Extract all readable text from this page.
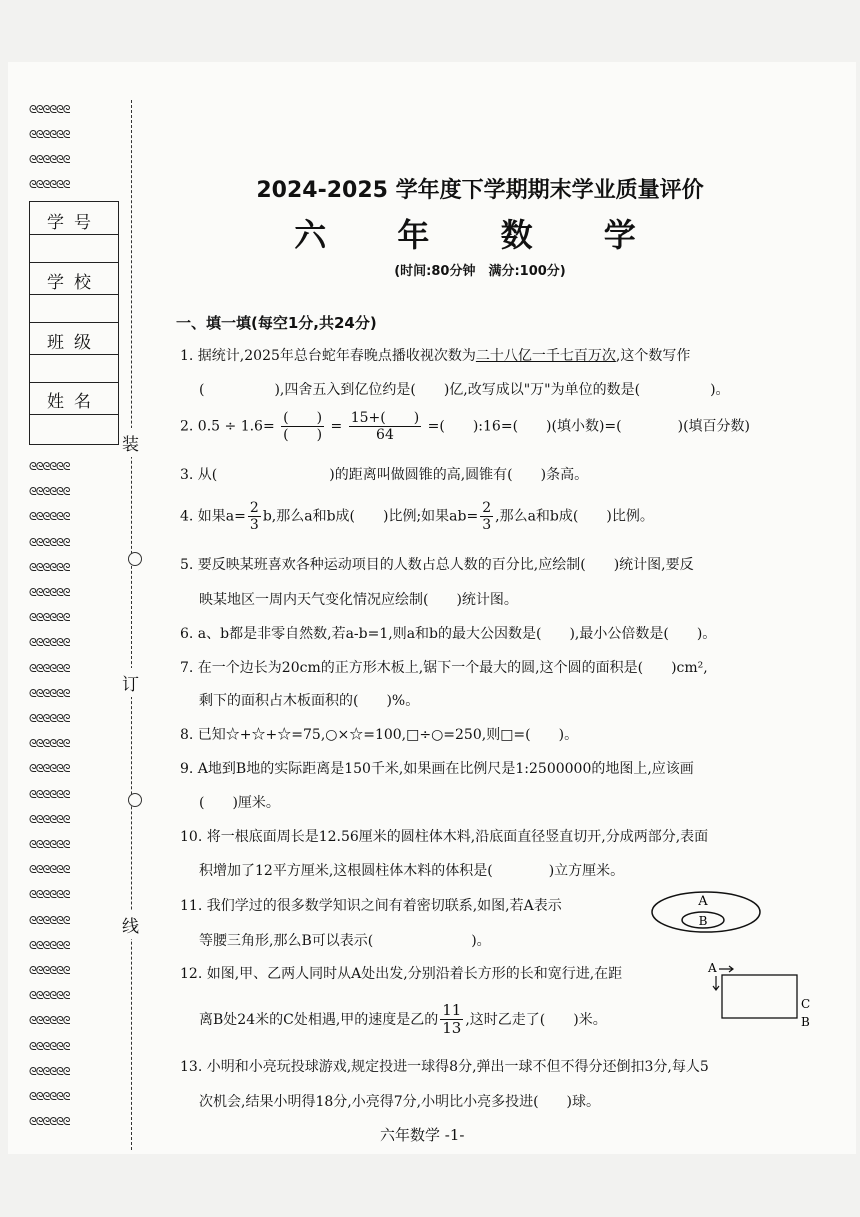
ᘓᘓᘓᘓᘓᘓ
ᘓᘓᘓᘓᘓᘓ
ᘓᘓᘓᘓᘓᘓ
ᘓᘓᘓᘓᘓᘓ
ᘓᘓᘓᘓᘓᘓ
ᘓᘓᘓᘓᘓᘓ
ᘓᘓᘓᘓᘓᘓ
ᘓᘓᘓᘓᘓᘓ
ᘓᘓᘓᘓᘓᘓ
ᘓᘓᘓᘓᘓᘓ
ᘓᘓᘓᘓᘓᘓ
ᘓᘓᘓᘓᘓᘓ
ᘓᘓᘓᘓᘓᘓ
ᘓᘓᘓᘓᘓᘓ
ᘓᘓᘓᘓᘓᘓ
ᘓᘓᘓᘓᘓᘓ
ᘓᘓᘓᘓᘓᘓ
ᘓᘓᘓᘓᘓᘓ
ᘓᘓᘓᘓᘓᘓ
ᘓᘓᘓᘓᘓᘓ
ᘓᘓᘓᘓᘓᘓ
ᘓᘓᘓᘓᘓᘓ
ᘓᘓᘓᘓᘓᘓ
ᘓᘓᘓᘓᘓᘓ
ᘓᘓᘓᘓᘓᘓ
ᘓᘓᘓᘓᘓᘓ
ᘓᘓᘓᘓᘓᘓ
ᘓᘓᘓᘓᘓᘓ
ᘓᘓᘓᘓᘓᘓ
ᘓᘓᘓᘓᘓᘓ
ᘓᘓᘓᘓᘓᘓ
装
订
线
学号
学校
班级
姓名
2024-2025 学年度下学期期末学业质量评价
六 年 数 学
(时间:80分钟　满分:100分)
一、填一填(每空1分,共24分)
1. 据统计,2025年总台蛇年春晚点播收视次数为二十八亿一千七百万次,这个数写作
(　　　　　),四舍五入到亿位约是(　　)亿,改写成以"万"为单位的数是(　　　　　)。
2. $0.5 \div 1.6= \frac{( )}{( )} = \frac{15+( )}{64}$ =(　　):16=(　　)(填小数)=(　　　　)(填百分数)
3. 从(　　　　　　　　)的距离叫做圆锥的高,圆锥有(　　)条高。
4. 如果$a= \frac{2}{3} b$,那么a和b成(　　)比例;如果$ab= \frac{2}{3}$ ,那么a和b成(　　)比例。
5. 要反映某班喜欢各种运动项目的人数占总人数的百分比,应绘制(　　)统计图,要反
映某地区一周内天气变化情况应绘制(　　)统计图。
6. a、b都是非零自然数,若a-b=1,则a和b的最大公因数是(　　),最小公倍数是(　　)。
7. 在一个边长为20cm的正方形木板上,锯下一个最大的圆,这个圆的面积是(　　)cm²,
剩下的面积占木板面积的(　　)%。
8. 已知☆+☆+☆=75,○×☆=100,□÷○=250,则□=(　　)。
9. A地到B地的实际距离是150千米,如果画在比例尺是1:2500000的地图上,应该画
(　　)厘米。
10. 将一根底面周长是12.56厘米的圆柱体木料,沿底面直径竖直切开,分成两部分,表面
积增加了12平方厘米,这根圆柱体木料的体积是(　　　　)立方厘米。
11. 我们学过的很多数学知识之间有着密切联系,如图,若A表示
等腰三角形,那么B可以表示(　　　　　　　)。
A
B
12. 如图,甲、乙两人同时从A处出发,分别沿着长方形的长和宽行进,在距
离B处24米的C处相遇,甲的速度是乙的 $\frac{11}{13}$ ,这时乙走了(　　)米。
A
C
B
13. 小明和小亮玩投球游戏,规定投进一球得8分,弹出一球不但不得分还倒扣3分,每人5
次机会,结果小明得18分,小亮得7分,小明比小亮多投进(　　)球。
六年数学 -1-
